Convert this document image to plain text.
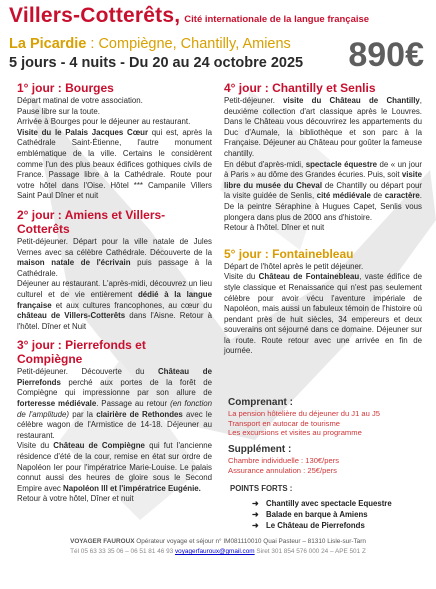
Villers-Cotterêts, Cité internationale de la langue française
La Picardie : Compiègne, Chantilly, Amiens
5 jours - 4 nuits - Du 20 au 24 octobre 2025 890€
1° jour : Bourges

Départ matinal de votre association.

Pause libre sur la toute.

Arrivée à Bourges pour le déjeuner au restaurant.

Visite du le Palais Jacques Cœur qui est, après la Cathédrale Saint-Étienne, l'autre monument emblématique de la ville. Certains le considèrent comme l'un des plus beaux édifices gothiques civils de France. Passage libre à la Cathédrale. Route pour votre hôtel dans l'Oise. Hôtel *** Campanile Villers Saint Paul Dîner et nuit

2° jour : Amiens et Villers-Cotterêts

Petit-déjeuner. Départ pour la ville natale de Jules Vernes avec sa célèbre Cathédrale. Découverte de la maison natale de l'écrivain puis passage à la Cathédrale.

Déjeuner au restaurant. L'après-midi, découvrez un lieu culturel et de vie entièrement dédié à la langue française et aux cultures francophones, au cœur du château de Villers-Cotterêts dans l'Aisne. Retour à l'hôtel. Dîner et Nuit

3° jour : Pierrefonds et Compiègne

Petit-déjeuner. Découverte du Château de Pierrefonds perché aux portes de la forêt de Compiègne qui impressionne par son allure de forteresse médiévale. Passage au retour (en fonction de l'amplitude) par la clairière de Rethondes avec le célèbre wagon de l'Armistice de 14-18. Déjeuner au restaurant.

Visite du Château de Compiègne qui fut l'ancienne résidence d'été de la cour, remise en état sur ordre de Napoléon Ier pour l'impératrice Marie-Louise. Le palais connut aussi des heures de gloire sous le Second Empire avec Napoléon III et l'impératrice Eugénie.

Retour à votre hôtel, Dîner et nuit

4° jour : Chantilly et Senlis

Petit-déjeuner. visite du Château de Chantilly, deuxième collection d'art classique après le Louvres. Dans le Château vous découvrirez les appartements du Duc d'Aumale, la bibliothèque et son parc à la Française. Déjeuner au Château pour goûter la fameuse chantilly.

En début d'après-midi, spectacle équestre de « un jour à Paris » au dôme des Grandes écuries. Puis, soit visite libre du musée du Cheval de Chantilly ou départ pour la visite guidée de Senlis, cité médiévale de caractère. De la peintre Séraphine à Hugues Capet, Senlis vous plongera dans plus de 2000 ans d'histoire.

Retour à l'hôtel. Dîner et nuit

5° jour : Fontainebleau

Départ de l'hôtel après le petit déjeuner.

Visite du Château de Fontainebleau, vaste édifice de style classique et Renaissance qui n'est pas seulement célèbre pour avoir vécu l'aventure impériale de Napoléon, mais aussi un fabuleux témoin de l'histoire où pendant près de huit siècles, 34 empereurs et deux souverains ont séjourné dans ce domaine. Déjeuner sur la route. Route retour avec une arrivée en fin de journée.

Comprenant :
La pension hôtelière du déjeuner du J1 au J5
Transport en autocar de tourisme
Les excursions et visites au programme
Supplément :
Chambre individuelle : 130€/pers
Assurance annulation : 25€/pers
POINTS FORTS :
➜ Chantilly avec spectacle Equestre
➜ Balade en barque à Amiens
➜ Le Château de Pierrefonds
VOYAGER FAUROUX Opérateur voyage et séjour n° IM081110010 Quai Pasteur – 81310 Lisle-sur-Tarn
Tél 05 63 33 35 06 – 06 51 81 46 93 voyagerfauroux@gmail.com Siret 301 854 576 000 24 – APE 501 Z
